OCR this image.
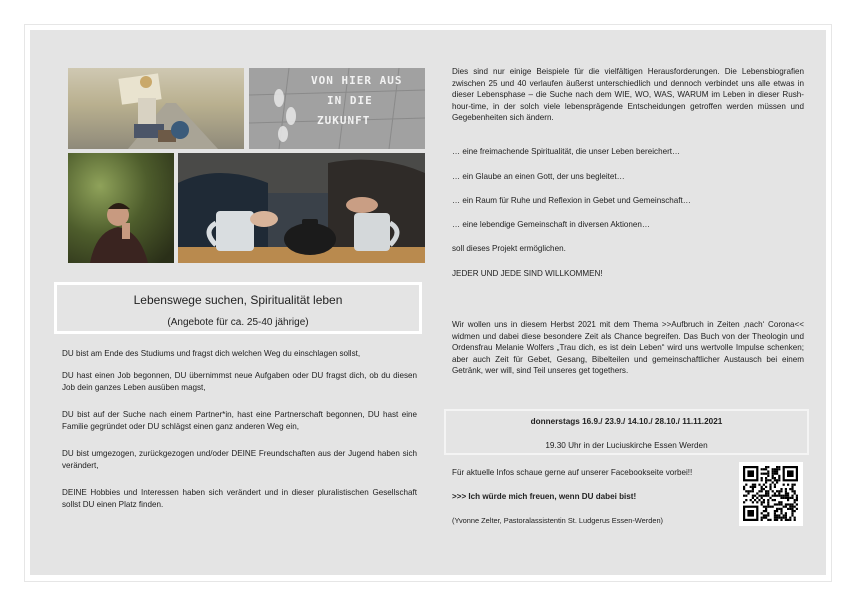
VON HIER AUS
IN DIE
ZUKUNFT
Lebenswege suchen, Spiritualität leben
(Angebote für ca. 25-40 jährige)

DU bist am Ende des Studiums und fragst dich welchen Weg du einschlagen sollst,

DU hast einen Job begonnen, DU übernimmst neue Aufgaben oder DU fragst dich, ob du diesen Job dein ganzes Leben ausüben magst,

DU bist auf der Suche nach einem Partner*in, hast eine Partnerschaft begonnen, DU hast eine Familie gegründet oder DU schlägst einen ganz anderen Weg ein,

DU bist umgezogen, zurückgezogen und/oder DEINE Freundschaften aus der Jugend haben sich verändert,

DEINE Hobbies und Interessen haben sich verändert und in dieser pluralistischen Gesellschaft sollst DU einen Platz finden.

Dies sind nur einige Beispiele für die vielfältigen Herausforderungen. Die Lebensbiografien zwischen 25 und 40 verlaufen äußerst unterschiedlich und dennoch verbindet uns alle etwas in dieser Lebensphase – die Suche nach dem WIE, WO, WAS, WARUM im Leben in dieser Rush-hour-time, in der solch viele lebensprägende Entscheidungen getroffen werden müssen und Gegebenheiten sich ändern.

… eine freimachende Spiritualität, die unser Leben bereichert…

… ein Glaube an einen Gott, der uns begleitet…

… ein Raum für Ruhe und Reflexion in Gebet und Gemeinschaft…

… eine lebendige Gemeinschaft in diversen Aktionen…

soll dieses Projekt ermöglichen.

JEDER UND JEDE SIND WILLKOMMEN!

Wir wollen uns in diesem Herbst 2021 mit dem Thema >>Aufbruch in Zeiten ‚nach‘ Corona<< widmen und dabei diese besondere Zeit als Chance begreifen. Das Buch von der Theologin und Ordensfrau Melanie Wolfers „Trau dich, es ist dein Leben“ wird uns wertvolle Impulse schenken; aber auch Zeit für Gebet, Gesang, Bibelteilen und gemeinschaftlicher Austausch bei einem Getränk, wer will, sind Teil unseres get togethers.

donnerstags 16.9./ 23.9./ 14.10./ 28.10./ 11.11.2021
19.30 Uhr in der Luciuskirche Essen Werden

Für aktuelle Infos schaue gerne auf unserer Facebookseite vorbei!!

>>> Ich würde mich freuen, wenn DU dabei bist!

(Yvonne Zelter, Pastoralassistentin St. Ludgerus Essen-Werden)
